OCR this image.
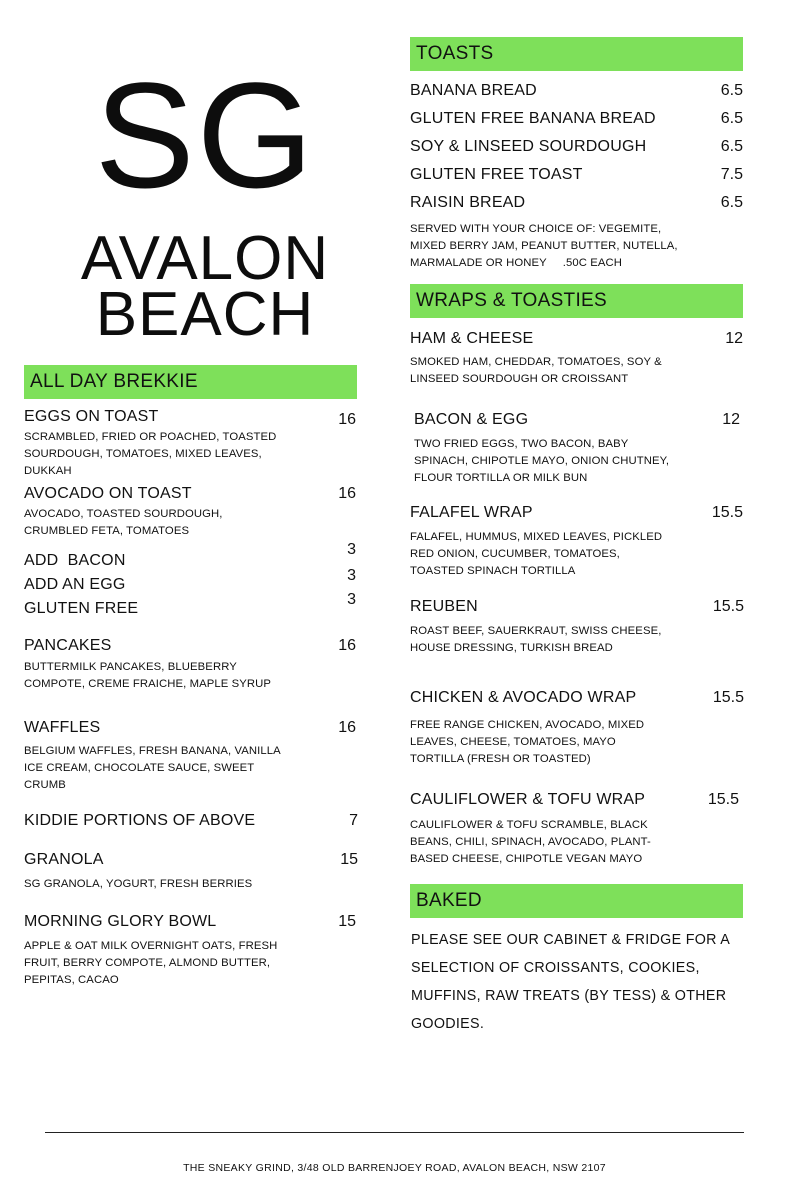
SG
AVALON
BEACH
TOASTS
BANANA BREAD	6.5
GLUTEN FREE BANANA BREAD	6.5
SOY & LINSEED SOURDOUGH	6.5
GLUTEN FREE TOAST	7.5
RAISIN BREAD	6.5
SERVED WITH YOUR CHOICE OF: VEGEMITE,
MIXED BERRY JAM, PEANUT BUTTER, NUTELLA,
MARMALADE OR HONEY     .50C EACH
WRAPS & TOASTIES
HAM & CHEESE	12
SMOKED HAM, CHEDDAR, TOMATOES, SOY &
LINSEED SOURDOUGH OR CROISSANT
BACON & EGG	12
TWO FRIED EGGS, TWO BACON, BABY
SPINACH, CHIPOTLE MAYO, ONION CHUTNEY,
FLOUR TORTILLA OR MILK BUN
FALAFEL WRAP	15.5
FALAFEL, HUMMUS, MIXED LEAVES, PICKLED
RED ONION, CUCUMBER, TOMATOES,
TOASTED SPINACH TORTILLA
REUBEN	15.5
ROAST BEEF, SAUERKRAUT, SWISS CHEESE,
HOUSE DRESSING, TURKISH BREAD
CHICKEN & AVOCADO WRAP	15.5
FREE RANGE CHICKEN, AVOCADO, MIXED
LEAVES, CHEESE, TOMATOES, MAYO
TORTILLA (FRESH OR TOASTED)
CAULIFLOWER & TOFU WRAP	15.5
CAULIFLOWER & TOFU SCRAMBLE, BLACK
BEANS, CHILI, SPINACH, AVOCADO, PLANT-
BASED CHEESE, CHIPOTLE VEGAN MAYO
BAKED
PLEASE SEE OUR CABINET & FRIDGE FOR A
SELECTION OF CROISSANTS, COOKIES,
MUFFINS, RAW TREATS (BY TESS) & OTHER
GOODIES.
ALL DAY BREKKIE
EGGS ON TOAST	16
SCRAMBLED, FRIED OR POACHED, TOASTED
SOURDOUGH, TOMATOES, MIXED LEAVES,
DUKKAH
AVOCADO ON TOAST	16
AVOCADO, TOASTED SOURDOUGH,
CRUMBLED FETA, TOMATOES
ADD  BACON
3
ADD AN EGG
3
GLUTEN FREE
3
PANCAKES	16
BUTTERMILK PANCAKES, BLUEBERRY
COMPOTE, CREME FRAICHE, MAPLE SYRUP
WAFFLES	16
BELGIUM WAFFLES, FRESH BANANA, VANILLA
ICE CREAM, CHOCOLATE SAUCE, SWEET
CRUMB
KIDDIE PORTIONS OF ABOVE	7
GRANOLA	15
SG GRANOLA, YOGURT, FRESH BERRIES
MORNING GLORY BOWL	15
APPLE & OAT MILK OVERNIGHT OATS, FRESH
FRUIT, BERRY COMPOTE, ALMOND BUTTER,
PEPITAS, CACAO
THE SNEAKY GRIND, 3/48 OLD BARRENJOEY ROAD, AVALON BEACH, NSW 2107
